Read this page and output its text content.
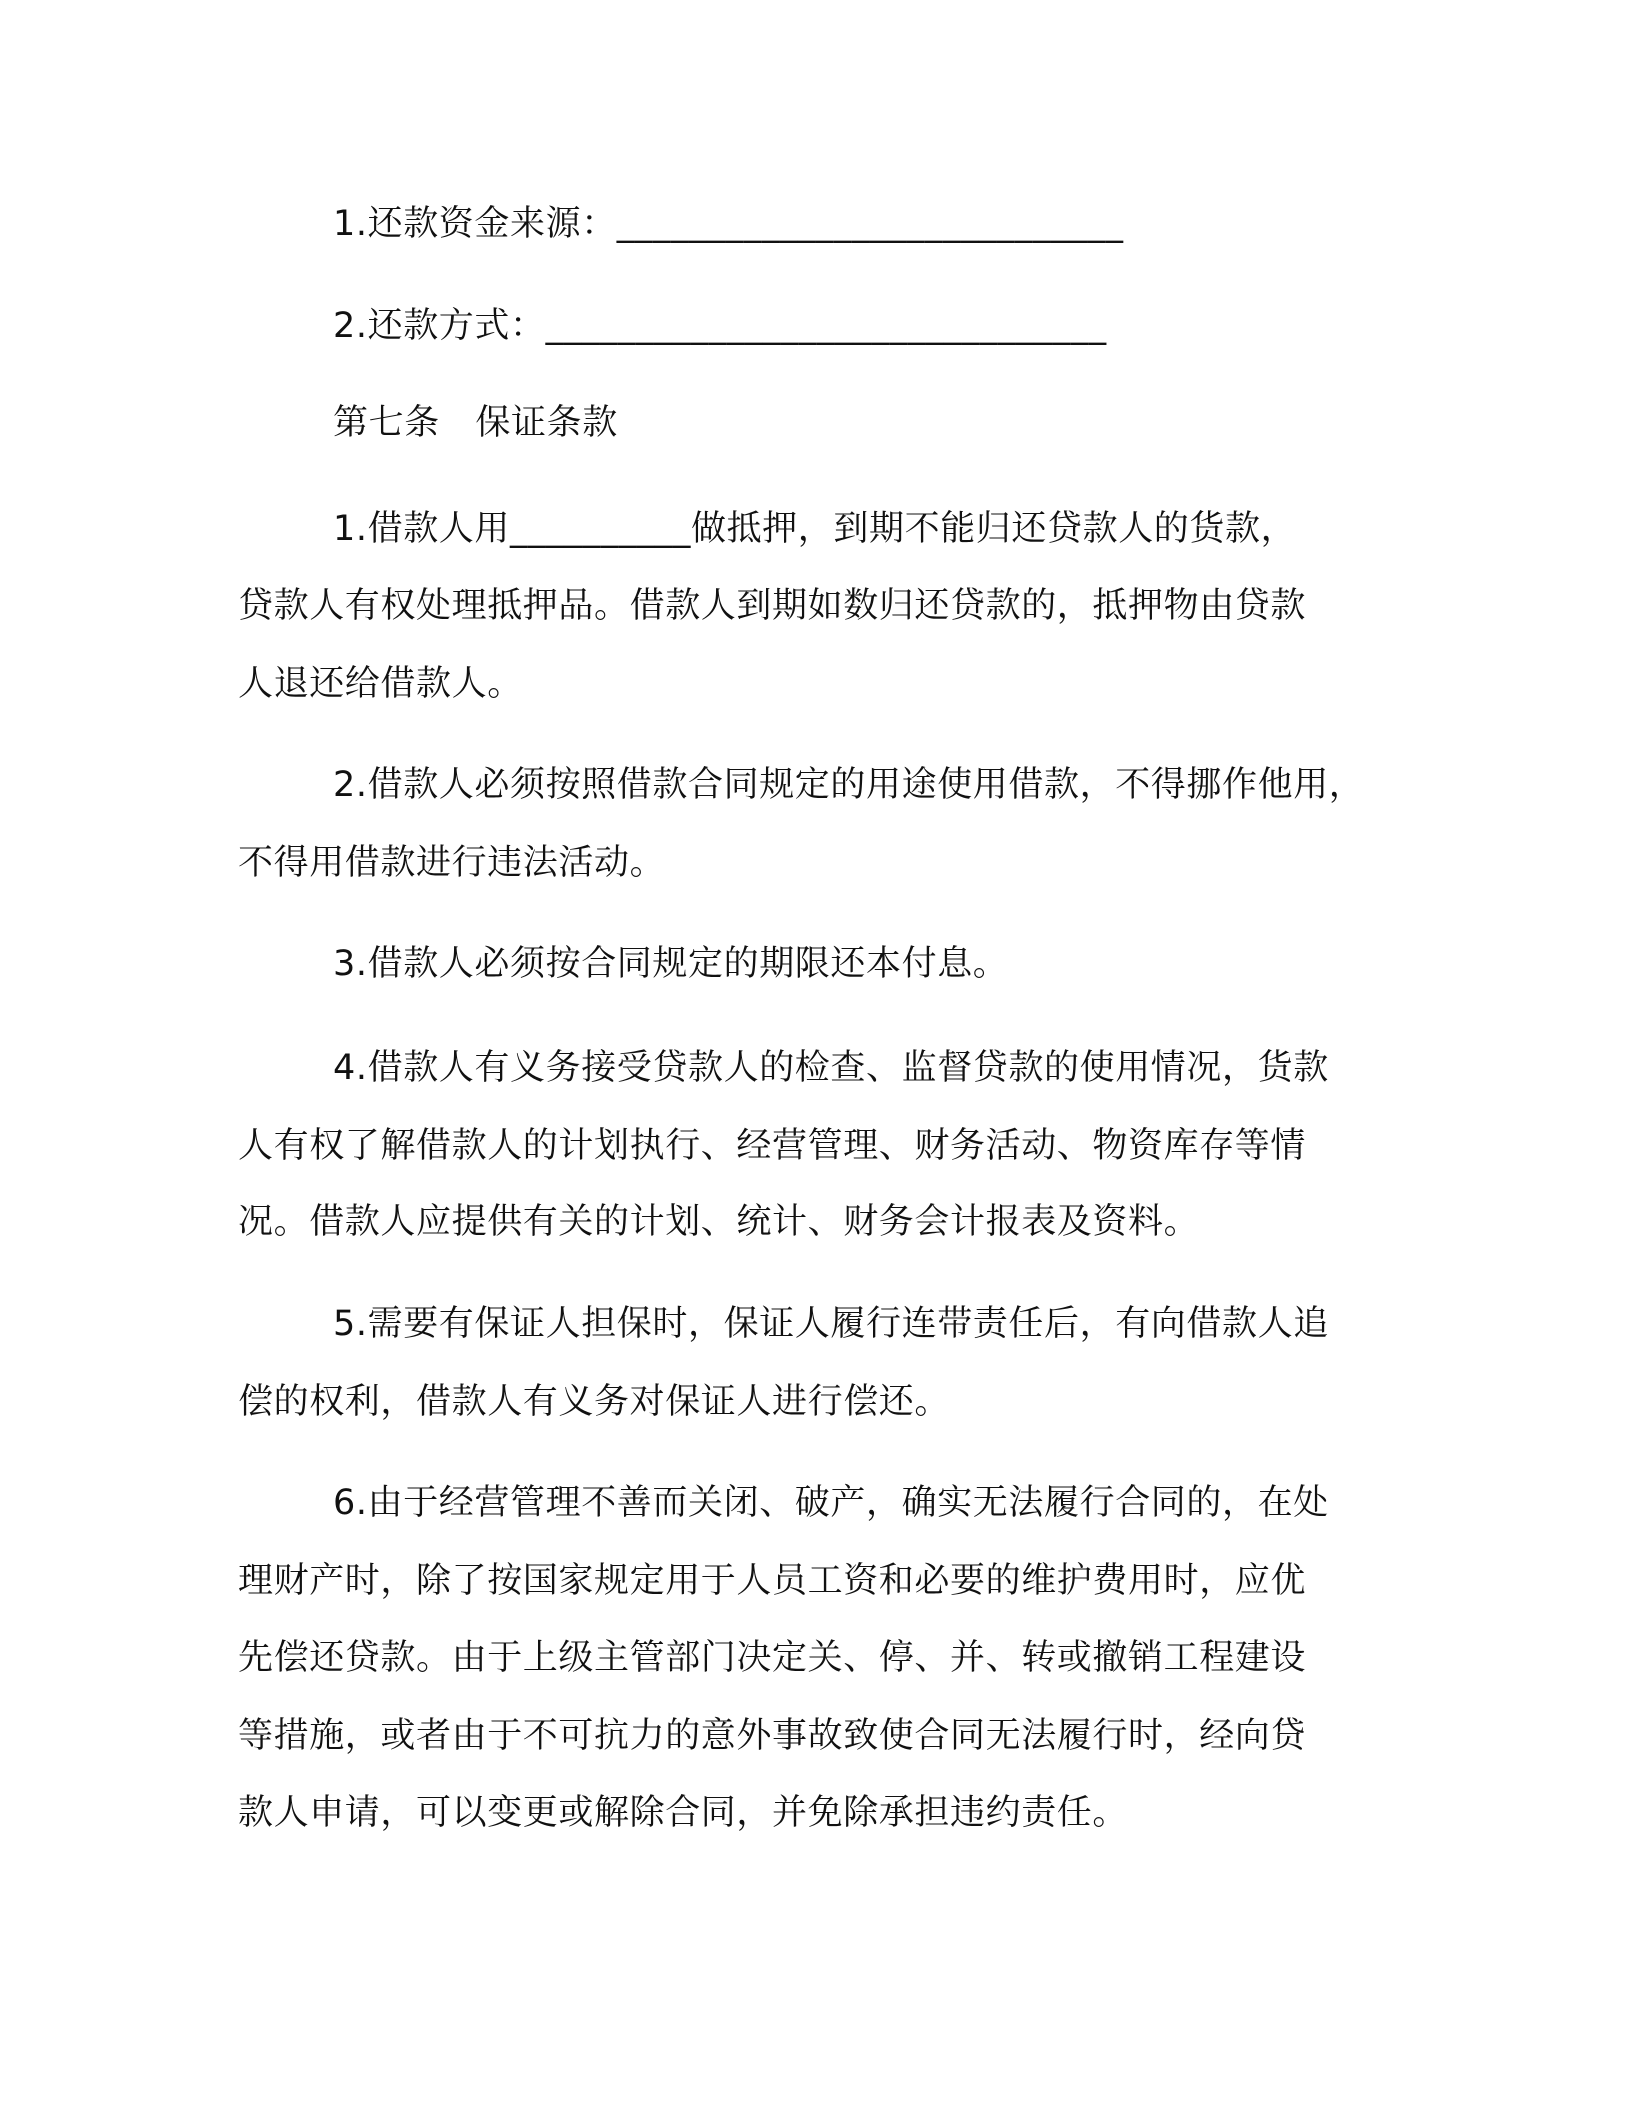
1.还款资金来源：____________________________
2.还款方式：_______________________________
第七条　保证条款
1.借款人用__________做抵押，到期不能归还贷款人的货款，
贷款人有权处理抵押品。借款人到期如数归还贷款的，抵押物由贷款
人退还给借款人。
2.借款人必须按照借款合同规定的用途使用借款，不得挪作他用，
不得用借款进行违法活动。
3.借款人必须按合同规定的期限还本付息。
4.借款人有义务接受贷款人的检查、监督贷款的使用情况，货款
人有权了解借款人的计划执行、经营管理、财务活动、物资库存等情
况。借款人应提供有关的计划、统计、财务会计报表及资料。
5.需要有保证人担保时，保证人履行连带责任后，有向借款人追
偿的权利，借款人有义务对保证人进行偿还。
6.由于经营管理不善而关闭、破产，确实无法履行合同的，在处
理财产时，除了按国家规定用于人员工资和必要的维护费用时，应优
先偿还贷款。由于上级主管部门决定关、停、并、转或撤销工程建设
等措施，或者由于不可抗力的意外事故致使合同无法履行时，经向贷
款人申请，可以变更或解除合同，并免除承担违约责任。
